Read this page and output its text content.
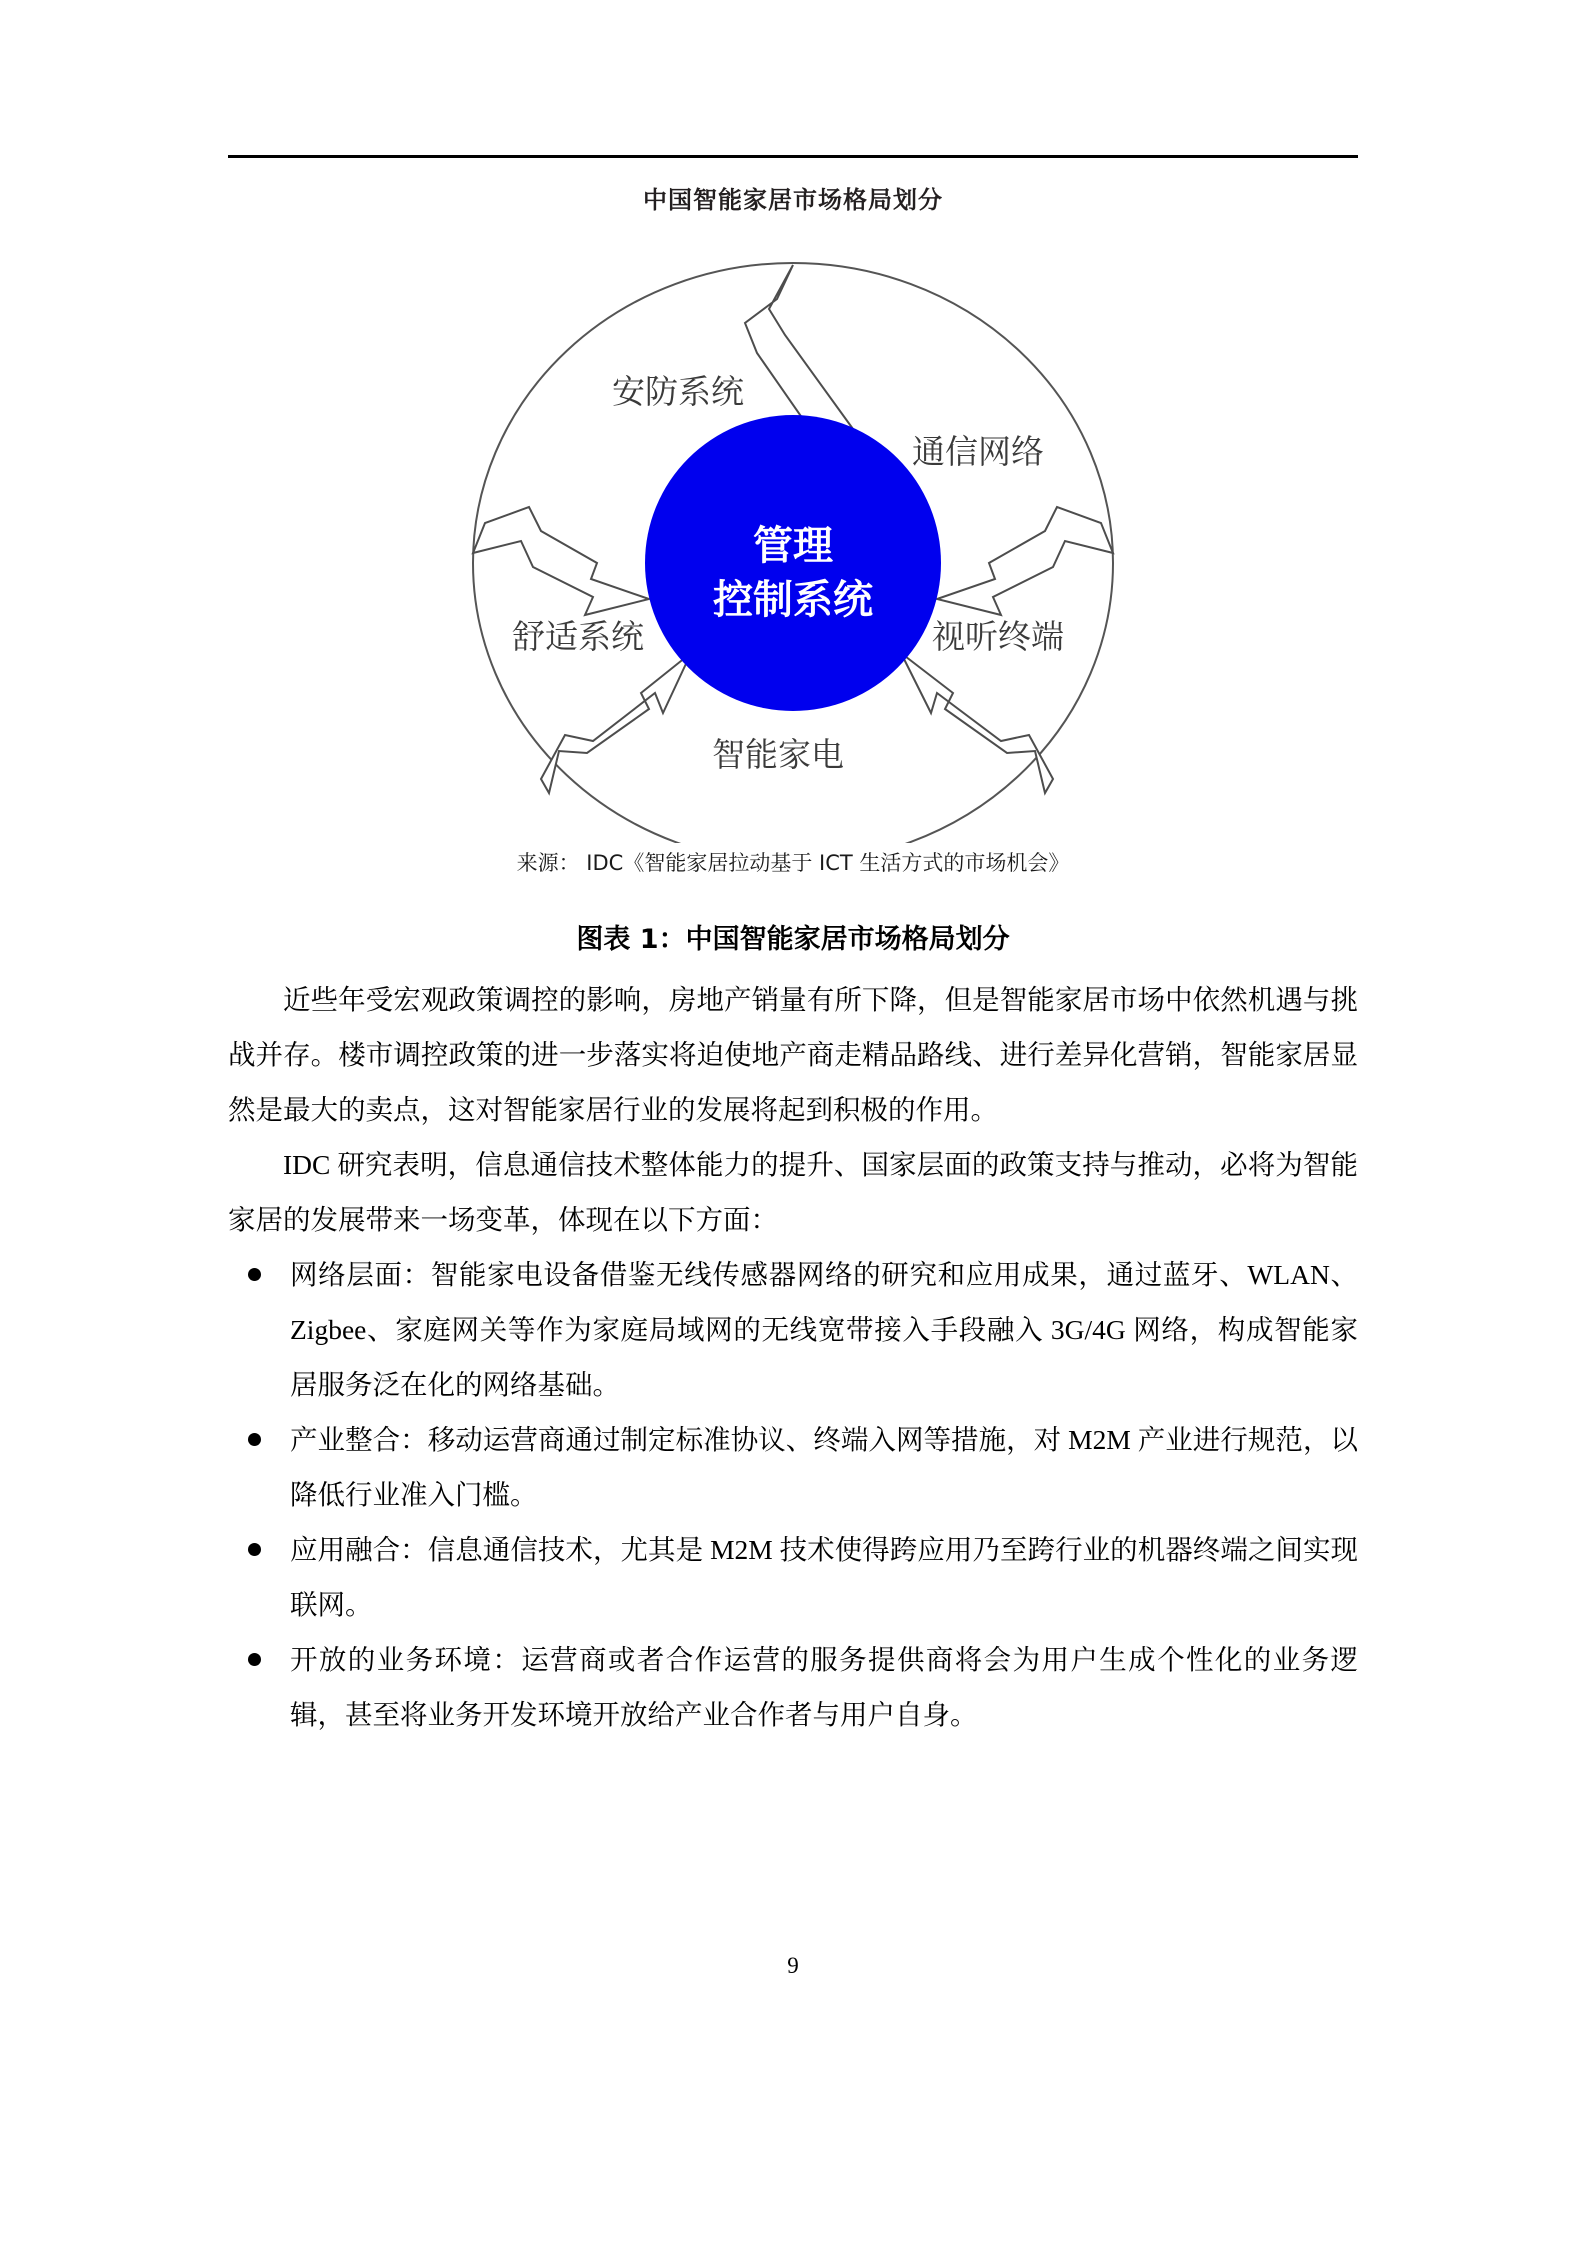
中国智能家居市场格局划分
管理
控制系统
安防系统
通信网络
视听终端
智能家电
舒适系统
来源： IDC《智能家居拉动基于 ICT 生活方式的市场机会》
图表 1：中国智能家居市场格局划分

近些年受宏观政策调控的影响，房地产销量有所下降，但是智能家居市场中依然机遇与挑战并存。楼市调控政策的进一步落实将迫使地产商走精品路线、进行差异化营销，智能家居显然是最大的卖点，这对智能家居行业的发展将起到积极的作用。

IDC 研究表明，信息通信技术整体能力的提升、国家层面的政策支持与推动，必将为智能家居的发展带来一场变革，体现在以下方面：

网络层面：智能家电设备借鉴无线传感器网络的研究和应用成果，通过蓝牙、WLAN、Zigbee、家庭网关等作为家庭局域网的无线宽带接入手段融入 3G/4G 网络，构成智能家居服务泛在化的网络基础。
产业整合：移动运营商通过制定标准协议、终端入网等措施，对 M2M 产业进行规范，以降低行业准入门槛。
应用融合：信息通信技术，尤其是 M2M 技术使得跨应用乃至跨行业的机器终端之间实现联网。
开放的业务环境：运营商或者合作运营的服务提供商将会为用户生成个性化的业务逻辑，甚至将业务开发环境开放给产业合作者与用户自身。
9
